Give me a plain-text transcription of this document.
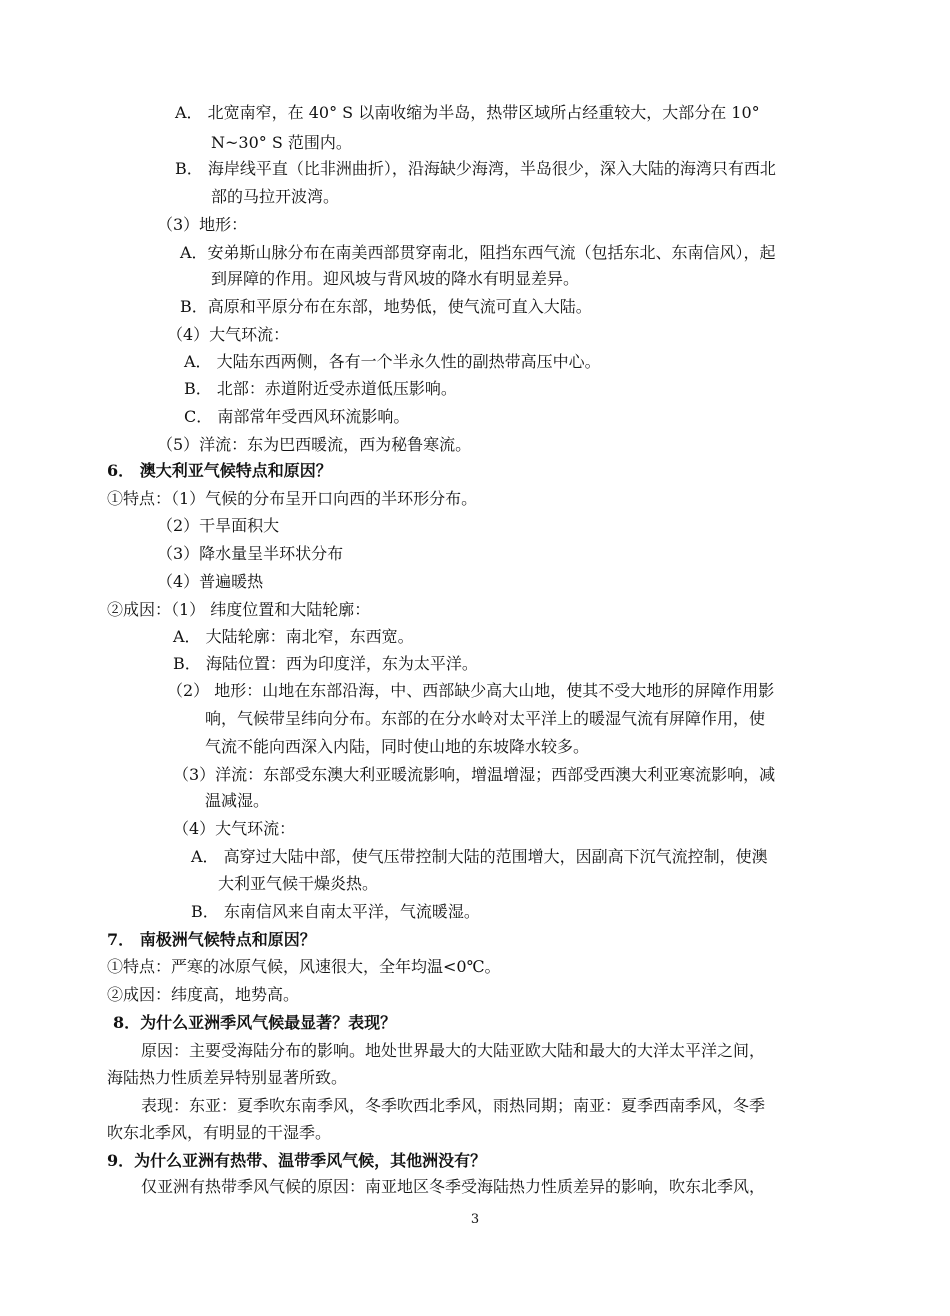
A． 北宽南窄，在 40° S 以南收缩为半岛，热带区域所占经重较大，大部分在 10°
N~30° S 范围内。
B． 海岸线平直（比非洲曲折），沿海缺少海湾，半岛很少，深入大陆的海湾只有西北
部的马拉开波湾。
（3）地形：
A．安弟斯山脉分布在南美西部贯穿南北，阻挡东西气流（包括东北、东南信风），起
到屏障的作用。迎风坡与背风坡的降水有明显差异。
B．高原和平原分布在东部，地势低，使气流可直入大陆。
（4）大气环流：
A． 大陆东西两侧，各有一个半永久性的副热带高压中心。
B． 北部：赤道附近受赤道低压影响。
C． 南部常年受西风环流影响。
（5）洋流：东为巴西暖流，西为秘鲁寒流。
6． 澳大利亚气候特点和原因？
①特点：（1）气候的分布呈开口向西的半环形分布。
（2）干旱面积大
（3）降水量呈半环状分布
（4）普遍暖热
②成因：（1） 纬度位置和大陆轮廓：
A． 大陆轮廓：南北窄，东西宽。
B． 海陆位置：西为印度洋，东为太平洋。
（2） 地形：山地在东部沿海，中、西部缺少高大山地，使其不受大地形的屏障作用影
响，气候带呈纬向分布。东部的在分水岭对太平洋上的暖湿气流有屏障作用，使
气流不能向西深入内陆，同时使山地的东坡降水较多。
（3）洋流：东部受东澳大利亚暖流影响，增温增湿；西部受西澳大利亚寒流影响，减
温减湿。
（4）大气环流：
A． 高穿过大陆中部，使气压带控制大陆的范围增大，因副高下沉气流控制，使澳
大利亚气候干燥炎热。
B． 东南信风来自南太平洋，气流暖湿。
7． 南极洲气候特点和原因？
①特点：严寒的冰原气候，风速很大，全年均温<0℃。
②成因：纬度高，地势高。
8．为什么亚洲季风气候最显著？表现？
原因：主要受海陆分布的影响。地处世界最大的大陆亚欧大陆和最大的大洋太平洋之间，
海陆热力性质差异特别显著所致。
表现：东亚：夏季吹东南季风，冬季吹西北季风，雨热同期；南亚：夏季西南季风，冬季
吹东北季风，有明显的干湿季。
9．为什么亚洲有热带、温带季风气候，其他洲没有？
仅亚洲有热带季风气候的原因：南亚地区冬季受海陆热力性质差异的影响，吹东北季风，
3
